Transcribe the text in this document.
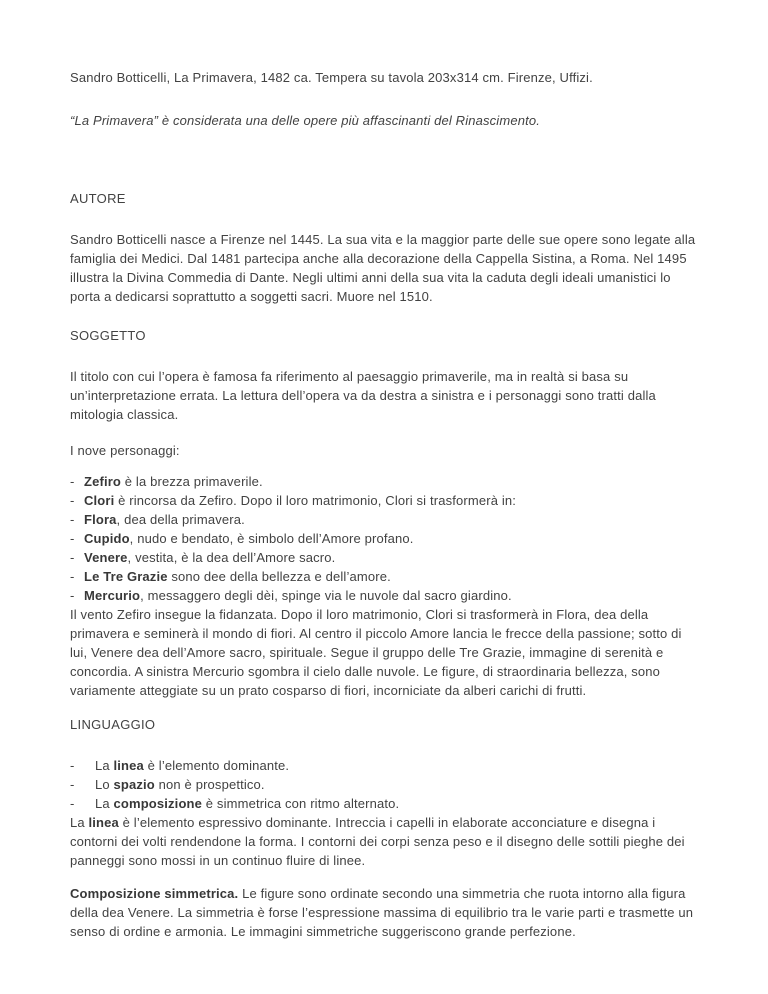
Sandro Botticelli, La Primavera, 1482 ca. Tempera su tavola 203x314 cm. Firenze, Uffizi.

“La Primavera” è considerata una delle opere più affascinanti del Rinascimento.

AUTORE

Sandro Botticelli nasce a Firenze nel 1445. La sua vita e la maggior parte delle sue opere sono legate alla famiglia dei Medici. Dal 1481 partecipa anche alla decorazione della Cappella Sistina, a Roma. Nel 1495 illustra la Divina Commedia di Dante. Negli ultimi anni della sua vita la caduta degli ideali umanistici lo porta a dedicarsi soprattutto a soggetti sacri. Muore nel 1510.

SOGGETTO

Il titolo con cui l’opera è famosa fa riferimento al paesaggio primaverile, ma in realtà si basa su un’interpretazione errata. La lettura dell’opera va da destra a sinistra e i personaggi sono tratti dalla mitologia classica.

I nove personaggi:

- Zefiro è la brezza primaverile.
- Clori è rincorsa da Zefiro. Dopo il loro matrimonio, Clori si trasformerà in:
- Flora, dea della primavera.
- Cupido, nudo e bendato, è simbolo dell’Amore profano.
- Venere, vestita, è la dea dell’Amore sacro.
- Le Tre Grazie sono dee della bellezza e dell’amore.
- Mercurio, messaggero degli dèi, spinge via le nuvole dal sacro giardino.

Il vento Zefiro insegue la fidanzata. Dopo il loro matrimonio, Clori si trasformerà in Flora, dea della primavera e seminerà il mondo di fiori. Al centro il piccolo Amore lancia le frecce della passione; sotto di lui, Venere dea dell’Amore sacro, spirituale. Segue il gruppo delle Tre Grazie, immagine di serenità e concordia. A sinistra Mercurio sgombra il cielo dalle nuvole. Le figure, di straordinaria bellezza, sono variamente atteggiate su un prato cosparso di fiori, incorniciate da alberi carichi di frutti.

LINGUAGGIO

- La linea è l’elemento dominante.
- Lo spazio non è prospettico.
- La composizione è simmetrica con ritmo alternato.

La linea è l’elemento espressivo dominante. Intreccia i capelli in elaborate acconciature e disegna i contorni dei volti rendendone la forma. I contorni dei corpi senza peso e il disegno delle sottili pieghe dei panneggi sono mossi in un continuo fluire di linee.

Composizione simmetrica. Le figure sono ordinate secondo una simmetria che ruota intorno alla figura della dea Venere. La simmetria è forse l’espressione massima di equilibrio tra le varie parti e trasmette un senso di ordine e armonia. Le immagini simmetriche suggeriscono grande perfezione.
